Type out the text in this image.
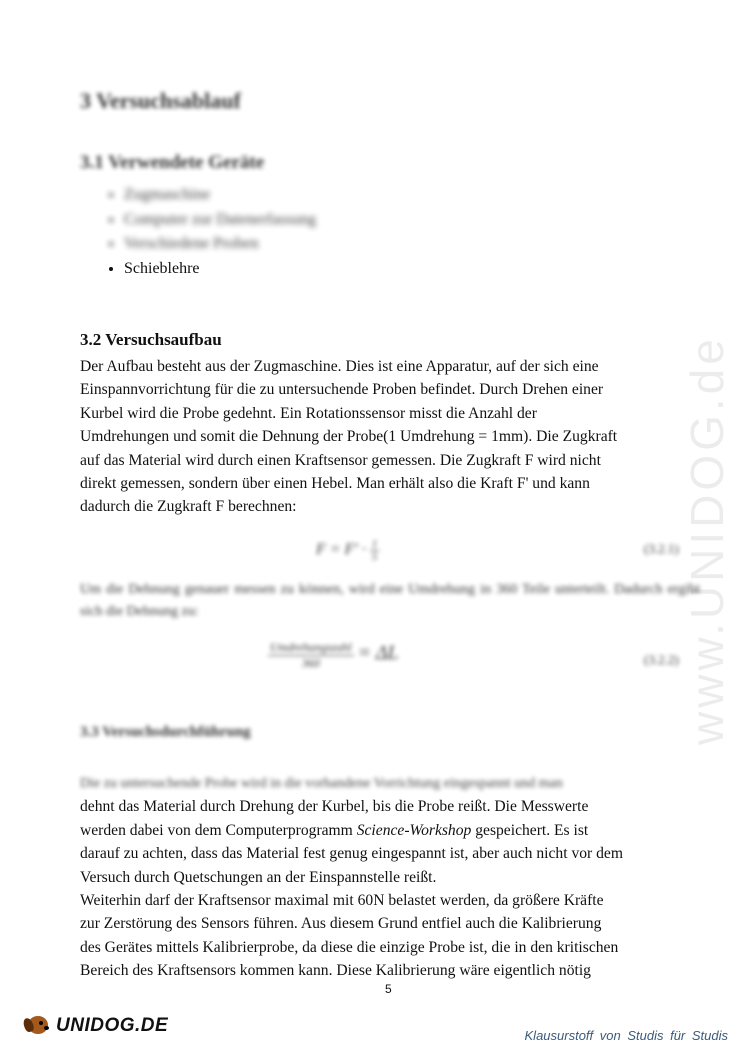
www.UNIDOG.de
3 Versuchsablauf
3.1 Verwendete Geräte
• Zugmaschine
• Computer zur Datenerfassung
• Verschiedene Proben
• Schieblehre
3.2 Versuchsaufbau

Der Aufbau besteht aus der Zugmaschine. Dies ist eine Apparatur, auf der sich eine
Einspannvorrichtung für die zu untersuchende Proben befindet. Durch Drehen einer
Kurbel wird die Probe gedehnt. Ein Rotationssensor misst die Anzahl der
Umdrehungen und somit die Dehnung der Probe(1 Umdrehung = 1mm). Die Zugkraft
auf das Material wird durch einen Kraftsensor gemessen. Die Zugkraft F wird nicht
direkt gemessen, sondern über einen Hebel. Man erhält also die Kraft F' und kann
dadurch die Zugkraft F berechnen:

$F = F' \cdot \frac{1}{5}$	(3.2.1)

Um die Dehnung genauer messen zu können, wird eine Umdrehung in 360 Teile unterteilt. Dadurch ergibt sich die Dehnung zu:

$\frac{\text{Umdrehungszahl}}{360} = \Delta L$	(3.2.2)
3.3 Versuchsdurchführung

Die zu untersuchende Probe wird in die vorhandene Vorrichtung eingespannt und man
dehnt das Material durch Drehung der Kurbel, bis die Probe reißt. Die Messwerte
werden dabei von dem Computerprogramm Science-Workshop gespeichert. Es ist
darauf zu achten, dass das Material fest genug eingespannt ist, aber auch nicht vor dem
Versuch durch Quetschungen an der Einspannstelle reißt.
Weiterhin darf der Kraftsensor maximal mit 60N belastet werden, da größere Kräfte
zur Zerstörung des Sensors führen. Aus diesem Grund entfiel auch die Kalibrierung
des Gerätes mittels Kalibrierprobe, da diese die einzige Probe ist, die in den kritischen
Bereich des Kraftsensors kommen kann. Diese Kalibrierung wäre eigentlich nötig

5
UNIDOG.DE	Klausurstoff von Studis für Studis
